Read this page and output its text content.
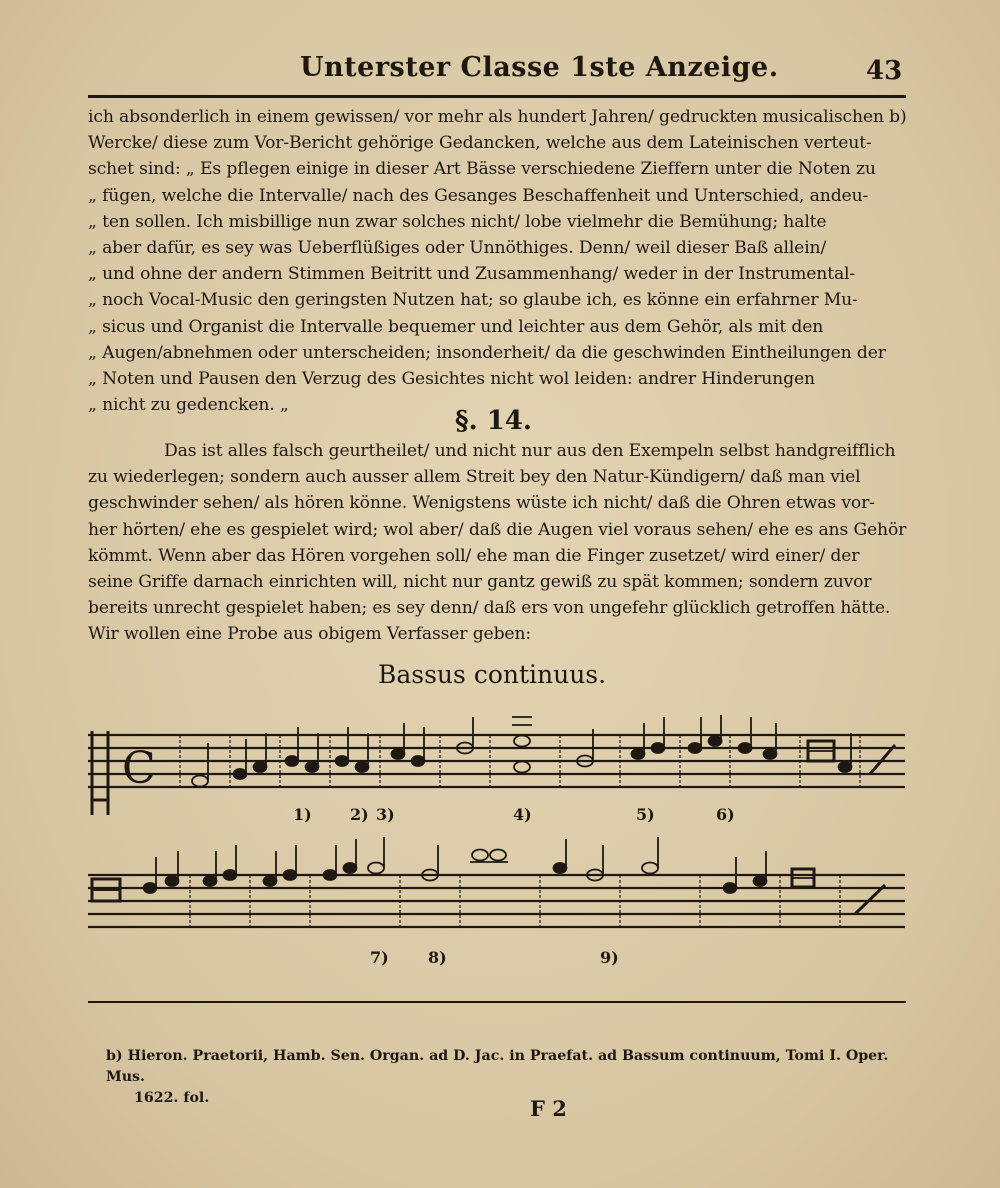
Unterster Classe 1ste Anzeige.	43
ich absonderlich in einem gewissen/ vor mehr als hundert Jahren/ gedruckten musicalischen b)
Wercke/ diese zum Vor-Bericht gehörige Gedancken, welche aus dem Lateinischen verteut-
schet sind: „ Es pflegen einige in dieser Art Bässe verschiedene Zieffern unter die Noten zu
„ fügen, welche die Intervalle/ nach des Gesanges Beschaffenheit und Unterschied, andeu-
„ ten sollen. Ich misbillige nun zwar solches nicht/ lobe vielmehr die Bemühung; halte
„ aber dafür, es sey was Ueberflüßiges oder Unnöthiges. Denn/ weil dieser Baß allein/
„ und ohne der andern Stimmen Beitritt und Zusammenhang/ weder in der Instrumental-
„ noch Vocal-Music den geringsten Nutzen hat; so glaube ich, es könne ein erfahrner Mu-
„ sicus und Organist die Intervalle bequemer und leichter aus dem Gehör, als mit den
„ Augen/abnehmen oder unterscheiden; insonderheit/ da die geschwinden Eintheilungen der
„ Noten und Pausen den Verzug des Gesichtes nicht wol leiden: andrer Hinderungen
„ nicht zu gedencken. „
§. 14.
Das ist alles falsch geurtheilet/ und nicht nur aus den Exempeln selbst handgreifflich
zu wiederlegen; sondern auch ausser allem Streit bey den Natur-Kündigern/ daß man viel
geschwinder sehen/ als hören könne. Wenigstens wüste ich nicht/ daß die Ohren etwas vor-
her hörten/ ehe es gespielet wird; wol aber/ daß die Augen viel voraus sehen/ ehe es ans Gehör
kömmt. Wenn aber das Hören vorgehen soll/ ehe man die Finger zusetzet/ wird einer/ der
seine Griffe darnach einrichten will, nicht nur gantz gewiß zu spät kommen; sondern zuvor
bereits unrecht gespielet haben; es sey denn/ daß ers von ungefehr glücklich getroffen hätte.
Wir wollen eine Probe aus obigem Verfasser geben:
Bassus continuus.
C
1) 2) 3)	4)	5)	6)
7) 8)	9)
b) Hieron. Praetorii, Hamb. Sen. Organ. ad D. Jac. in Praefat. ad Bassum continuum, Tomi I. Oper. Mus.
1622. fol.	F 2
